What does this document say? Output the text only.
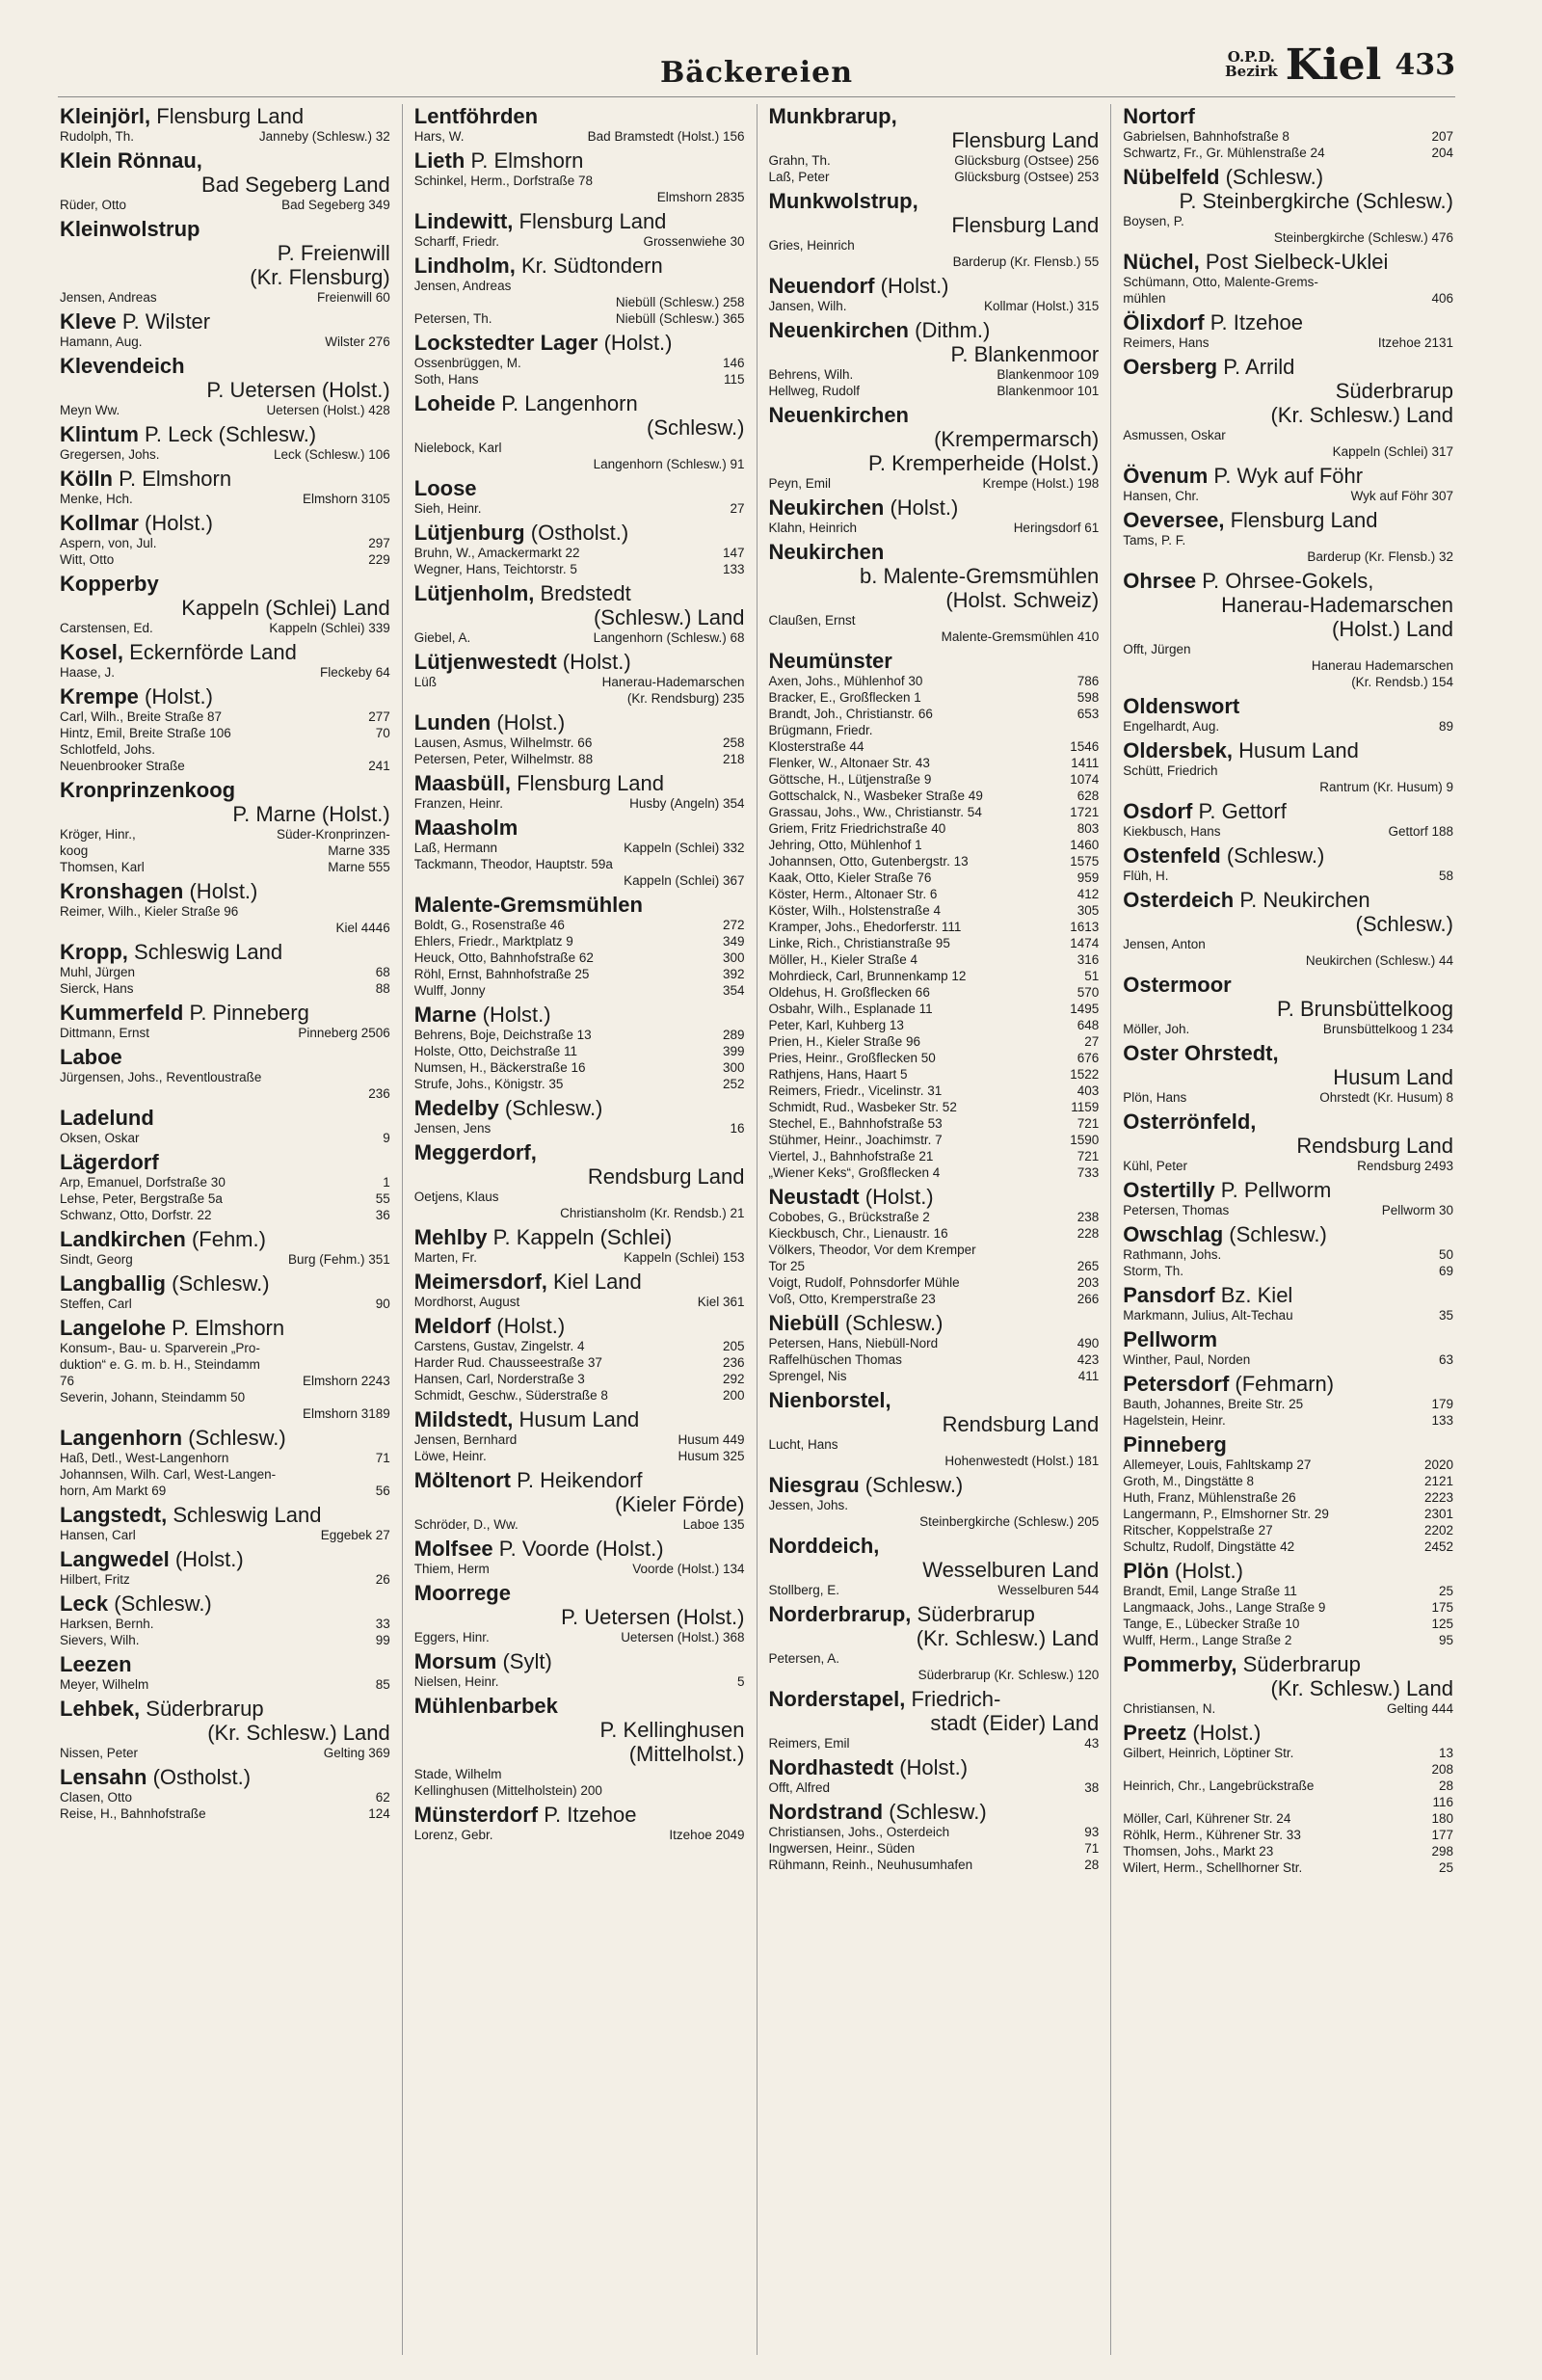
Bäckereien	O.P.D.
Bezirk Kiel 433
Kleinjörl, Flensburg Land
Rudolph, Th.	Janneby (Schlesw.) 32
Klein Rönnau,
Bad Segeberg Land
Rüder, Otto	Bad Segeberg 349
Kleinwolstrup
P. Freienwill
(Kr. Flensburg)
Jensen, Andreas	Freienwill 60
Kleve P. Wilster
Hamann, Aug.	Wilster 276
Klevendeich
P. Uetersen (Holst.)
Meyn Ww.	Uetersen (Holst.) 428
Klintum P. Leck (Schlesw.)
Gregersen, Johs.	Leck (Schlesw.) 106
Kölln P. Elmshorn
Menke, Hch.	Elmshorn 3105
Kollmar (Holst.)
Aspern, von, Jul.	297
Witt, Otto	229
Kopperby
Kappeln (Schlei) Land
Carstensen, Ed.	Kappeln (Schlei) 339
Kosel, Eckernförde Land
Haase, J.	Fleckeby 64
Krempe (Holst.)
Carl, Wilh., Breite Straße 87	277
Hintz, Emil, Breite Straße 106	70
Schlotfeld, Johs.
Neuenbrooker Straße	241
Kronprinzenkoog
P. Marne (Holst.)
Kröger, Hinr.,	Süder-Kronprinzen-
koog	Marne 335
Thomsen, Karl	Marne 555
Kronshagen (Holst.)
Reimer, Wilh., Kieler Straße 96
Kiel 4446
Kropp, Schleswig Land
Muhl, Jürgen	68
Sierck, Hans	88
Kummerfeld P. Pinneberg
Dittmann, Ernst	Pinneberg 2506
Laboe
Jürgensen, Johs., Reventloustraße
236
Ladelund
Oksen, Oskar	9
Lägerdorf
Arp, Emanuel, Dorfstraße 30	1
Lehse, Peter, Bergstraße 5a	55
Schwanz, Otto, Dorfstr. 22	36
Landkirchen (Fehm.)
Sindt, Georg	Burg (Fehm.) 351
Langballig (Schlesw.)
Steffen, Carl	90
Langelohe P. Elmshorn
Konsum-, Bau- u. Sparverein „Pro-
duktion“ e. G. m. b. H., Steindamm
76	Elmshorn 2243
Severin, Johann, Steindamm 50
Elmshorn 3189
Langenhorn (Schlesw.)
Haß, Detl., West-Langenhorn	71
Johannsen, Wilh. Carl, West-Langen-
horn, Am Markt 69	56
Langstedt, Schleswig Land
Hansen, Carl	Eggebek 27
Langwedel (Holst.)
Hilbert, Fritz	26
Leck (Schlesw.)
Harksen, Bernh.	33
Sievers, Wilh.	99
Leezen
Meyer, Wilhelm	85
Lehbek, Süderbrarup
(Kr. Schlesw.) Land
Nissen, Peter	Gelting 369
Lensahn (Ostholst.)
Clasen, Otto	62
Reise, H., Bahnhofstraße	124
Lentföhrden
Hars, W.	Bad Bramstedt (Holst.) 156
Lieth P. Elmshorn
Schinkel, Herm., Dorfstraße 78
Elmshorn 2835
Lindewitt, Flensburg Land
Scharff, Friedr.	Grossenwiehe 30
Lindholm, Kr. Südtondern
Jensen, Andreas
Niebüll (Schlesw.) 258
Petersen, Th.	Niebüll (Schlesw.) 365
Lockstedter Lager (Holst.)
Ossenbrüggen, M.	146
Soth, Hans	115
Loheide P. Langenhorn
(Schlesw.)
Nielebock, Karl
Langenhorn (Schlesw.) 91
Loose
Sieh, Heinr.	27
Lütjenburg (Ostholst.)
Bruhn, W., Amackermarkt 22	147
Wegner, Hans, Teichtorstr. 5	133
Lütjenholm, Bredstedt
(Schlesw.) Land
Giebel, A.	Langenhorn (Schlesw.) 68
Lütjenwestedt (Holst.)
Lüß	Hanerau-Hademarschen
(Kr. Rendsburg) 235
Lunden (Holst.)
Lausen, Asmus, Wilhelmstr. 66	258
Petersen, Peter, Wilhelmstr. 88	218
Maasbüll, Flensburg Land
Franzen, Heinr.	Husby (Angeln) 354
Maasholm
Laß, Hermann	Kappeln (Schlei) 332
Tackmann, Theodor, Hauptstr. 59a
Kappeln (Schlei) 367
Malente-Gremsmühlen
Boldt, G., Rosenstraße 46	272
Ehlers, Friedr., Marktplatz 9	349
Heuck, Otto, Bahnhofstraße 62	300
Röhl, Ernst, Bahnhofstraße 25	392
Wulff, Jonny	354
Marne (Holst.)
Behrens, Boje, Deichstraße 13	289
Holste, Otto, Deichstraße 11	399
Numsen, H., Bäckerstraße 16	300
Strufe, Johs., Königstr. 35	252
Medelby (Schlesw.)
Jensen, Jens	16
Meggerdorf,
Rendsburg Land
Oetjens, Klaus
Christiansholm (Kr. Rendsb.) 21
Mehlby P. Kappeln (Schlei)
Marten, Fr.	Kappeln (Schlei) 153
Meimersdorf, Kiel Land
Mordhorst, August	Kiel 361
Meldorf (Holst.)
Carstens, Gustav, Zingelstr. 4	205
Harder Rud. Chausseestraße 37	236
Hansen, Carl, Norderstraße 3	292
Schmidt, Geschw., Süderstraße 8	200
Mildstedt, Husum Land
Jensen, Bernhard	Husum 449
Löwe, Heinr.	Husum 325
Möltenort P. Heikendorf
(Kieler Förde)
Schröder, D., Ww.	Laboe 135
Molfsee P. Voorde (Holst.)
Thiem, Herm	Voorde (Holst.) 134
Moorrege
P. Uetersen (Holst.)
Eggers, Hinr.	Uetersen (Holst.) 368
Morsum (Sylt)
Nielsen, Heinr.	5
Mühlenbarbek
P. Kellinghusen
(Mittelholst.)
Stade, Wilhelm
Kellinghusen (Mittelholstein) 200
Münsterdorf P. Itzehoe
Lorenz, Gebr.	Itzehoe 2049
Munkbrarup,
Flensburg Land
Grahn, Th.	Glücksburg (Ostsee) 256
Laß, Peter	Glücksburg (Ostsee) 253
Munkwolstrup,
Flensburg Land
Gries, Heinrich
Barderup (Kr. Flensb.) 55
Neuendorf (Holst.)
Jansen, Wilh.	Kollmar (Holst.) 315
Neuenkirchen (Dithm.)
P. Blankenmoor
Behrens, Wilh.	Blankenmoor 109
Hellweg, Rudolf	Blankenmoor 101
Neuenkirchen
(Krempermarsch)
P. Kremperheide (Holst.)
Peyn, Emil	Krempe (Holst.) 198
Neukirchen (Holst.)
Klahn, Heinrich	Heringsdorf 61
Neukirchen
b. Malente-Gremsmühlen
(Holst. Schweiz)
Claußen, Ernst
Malente-Gremsmühlen 410
Neumünster
Axen, Johs., Mühlenhof 30	786
Bracker, E., Großflecken 1	598
Brandt, Joh., Christianstr. 66	653
Brügmann, Friedr.
Klosterstraße 44	1546
Flenker, W., Altonaer Str. 43	1411
Göttsche, H., Lütjenstraße 9	1074
Gottschalck, N., Wasbeker Straße 49	628
Grassau, Johs., Ww., Christianstr. 54	1721
Griem, Fritz Friedrichstraße 40	803
Jehring, Otto, Mühlenhof 1	1460
Johannsen, Otto, Gutenbergstr. 13	1575
Kaak, Otto, Kieler Straße 76	959
Köster, Herm., Altonaer Str. 6	412
Köster, Wilh., Holstenstraße 4	305
Kramper, Johs., Ehedorferstr. 111	1613
Linke, Rich., Christianstraße 95	1474
Möller, H., Kieler Straße 4	316
Mohrdieck, Carl, Brunnenkamp 12	51
Oldehus, H. Großflecken 66	570
Osbahr, Wilh., Esplanade 11	1495
Peter, Karl, Kuhberg 13	648
Prien, H., Kieler Straße 96	27
Pries, Heinr., Großflecken 50	676
Rathjens, Hans, Haart 5	1522
Reimers, Friedr., Vicelinstr. 31	403
Schmidt, Rud., Wasbeker Str. 52	1159
Stechel, E., Bahnhofstraße 53	721
Stühmer, Heinr., Joachimstr. 7	1590
Viertel, J., Bahnhofstraße 21	721
„Wiener Keks“, Großflecken 4	733
Neustadt (Holst.)
Cobobes, G., Brückstraße 2	238
Kieckbusch, Chr., Lienaustr. 16	228
Völkers, Theodor, Vor dem Kremper
Tor 25	265
Voigt, Rudolf, Pohnsdorfer Mühle	203
Voß, Otto, Kremperstraße 23	266
Niebüll (Schlesw.)
Petersen, Hans, Niebüll-Nord	490
Raffelhüschen Thomas	423
Sprengel, Nis	411
Nienborstel,
Rendsburg Land
Lucht, Hans
Hohenwestedt (Holst.) 181
Niesgrau (Schlesw.)
Jessen, Johs.
Steinbergkirche (Schlesw.) 205
Norddeich,
Wesselburen Land
Stollberg, E.	Wesselburen 544
Norderbrarup, Süderbrarup
(Kr. Schlesw.) Land
Petersen, A.
Süderbrarup (Kr. Schlesw.) 120
Norderstapel, Friedrich-
stadt (Eider) Land
Reimers, Emil	43
Nordhastedt (Holst.)
Offt, Alfred	38
Nordstrand (Schlesw.)
Christiansen, Johs., Osterdeich	93
Ingwersen, Heinr., Süden	71
Rühmann, Reinh., Neuhusumhafen	28
Nortorf
Gabrielsen, Bahnhofstraße 8	207
Schwartz, Fr., Gr. Mühlenstraße 24	204
Nübelfeld (Schlesw.)
P. Steinbergkirche (Schlesw.)
Boysen, P.
Steinbergkirche (Schlesw.) 476
Nüchel, Post Sielbeck-Uklei
Schümann, Otto, Malente-Grems-
mühlen	406
Ölixdorf P. Itzehoe
Reimers, Hans	Itzehoe 2131
Oersberg P. Arrild
Süderbrarup
(Kr. Schlesw.) Land
Asmussen, Oskar
Kappeln (Schlei) 317
Övenum P. Wyk auf Föhr
Hansen, Chr.	Wyk auf Föhr 307
Oeversee, Flensburg Land
Tams, P. F.
Barderup (Kr. Flensb.) 32
Ohrsee P. Ohrsee-Gokels,
Hanerau-Hademarschen
(Holst.) Land
Offt, Jürgen
Hanerau Hademarschen
(Kr. Rendsb.) 154
Oldenswort
Engelhardt, Aug.	89
Oldersbek, Husum Land
Schütt, Friedrich
Rantrum (Kr. Husum) 9
Osdorf P. Gettorf
Kiekbusch, Hans	Gettorf 188
Ostenfeld (Schlesw.)
Flüh, H.	58
Osterdeich P. Neukirchen
(Schlesw.)
Jensen, Anton
Neukirchen (Schlesw.) 44
Ostermoor
P. Brunsbüttelkoog
Möller, Joh.	Brunsbüttelkoog 1 234
Oster Ohrstedt,
Husum Land
Plön, Hans	Ohrstedt (Kr. Husum) 8
Osterrönfeld,
Rendsburg Land
Kühl, Peter	Rendsburg 2493
Ostertilly P. Pellworm
Petersen, Thomas	Pellworm 30
Owschlag (Schlesw.)
Rathmann, Johs.	50
Storm, Th.	69
Pansdorf Bz. Kiel
Markmann, Julius, Alt-Techau	35
Pellworm
Winther, Paul, Norden	63
Petersdorf (Fehmarn)
Bauth, Johannes, Breite Str. 25	179
Hagelstein, Heinr.	133
Pinneberg
Allemeyer, Louis, Fahltskamp 27	2020
Groth, M., Dingstätte 8	2121
Huth, Franz, Mühlenstraße 26	2223
Langermann, P., Elmshorner Str. 29	2301
Ritscher, Koppelstraße 27	2202
Schultz, Rudolf, Dingstätte 42	2452
Plön (Holst.)
Brandt, Emil, Lange Straße 11	25
Langmaack, Johs., Lange Straße 9	175
Tange, E., Lübecker Straße 10	125
Wulff, Herm., Lange Straße 2	95
Pommerby, Süderbrarup
(Kr. Schlesw.) Land
Christiansen, N.	Gelting 444
Preetz (Holst.)
Gilbert, Heinrich, Löptiner Str.	13
208
Heinrich, Chr., Langebrückstraße	28
116
Möller, Carl, Kührener Str. 24	180
Röhlk, Herm., Kührener Str. 33	177
Thomsen, Johs., Markt 23	298
Wilert, Herm., Schellhorner Str.	25
